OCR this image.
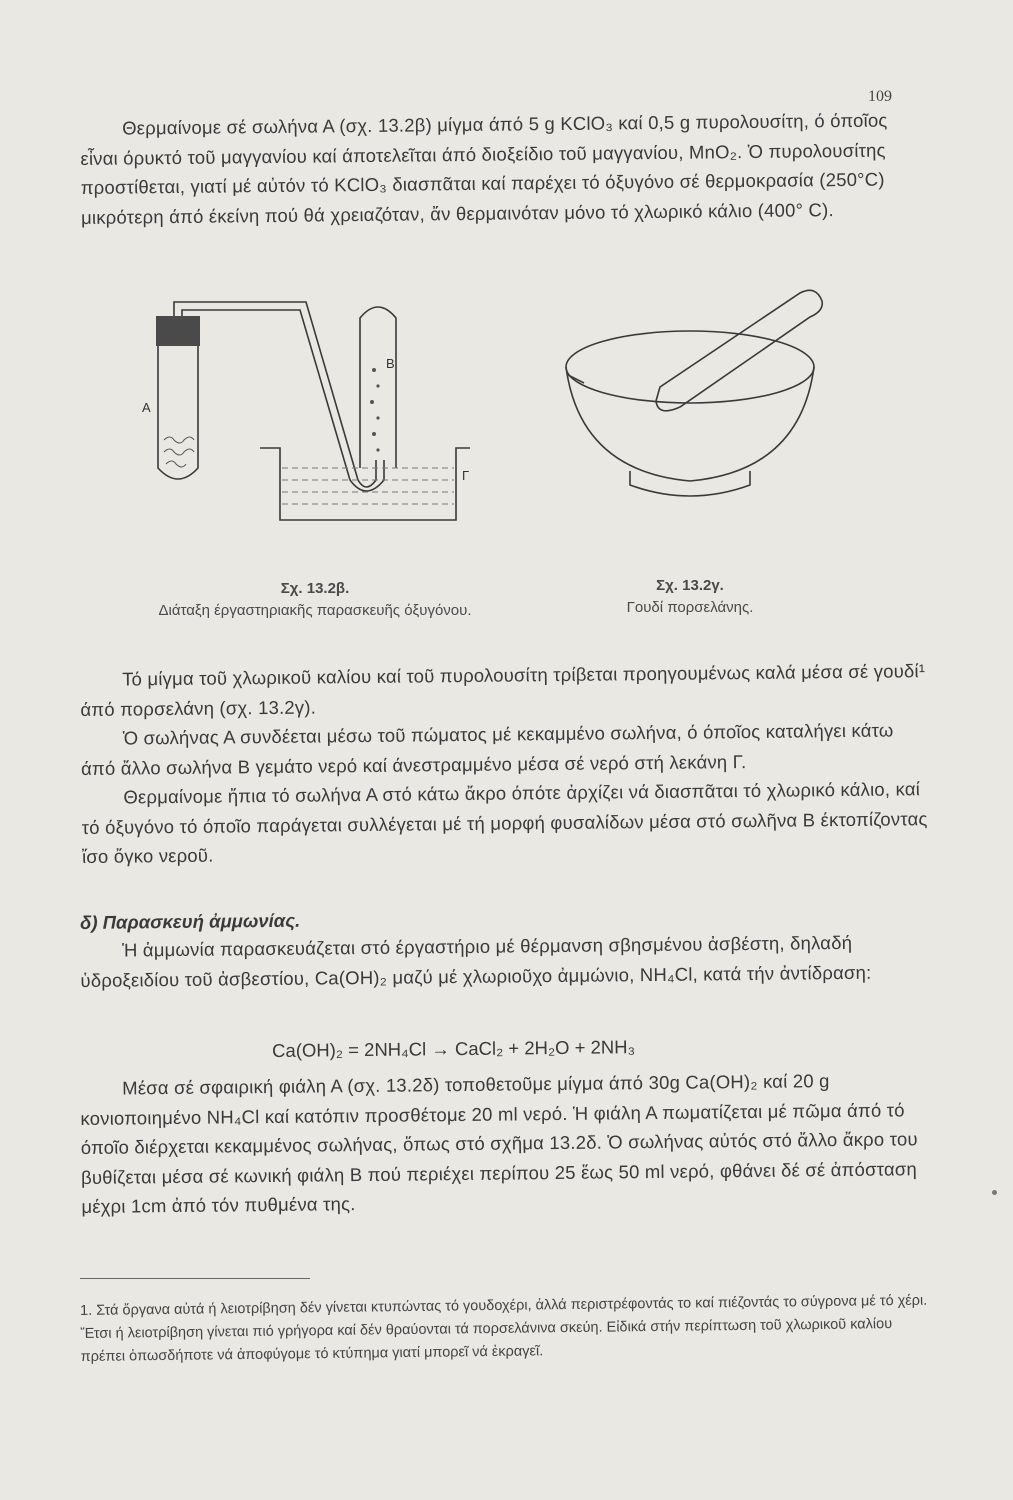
109

Θερμαίνομε σέ σωλήνα Α (σχ. 13.2β) μίγμα άπό 5 g KClO₃ καί 0,5 g πυρολουσίτη, ό όποῖος εἶναι όρυκτό τοῦ μαγγανίου καί άποτελεῖται άπό διοξείδιο τοῦ μαγγανίου, MnO₂. Ὁ πυρολουσίτης προστίθεται, γιατί μέ αὐτόν τό KClO₃ διασπᾶται καί παρέχει τό όξυγόνο σέ θερμοκρασία (250°C) μικρότερη άπό έκείνη πού θά χρειαζόταν, ἄν θερμαινόταν μόνο τό χλωρικό κάλιο (400° C).

A
B
Γ
Σχ. 13.2β.
Διάταξη έργαστηριακῆς παρασκευῆς όξυγόνου.
Σχ. 13.2γ.
Γουδί πορσελάνης.

Τό μίγμα τοῦ χλωρικοῦ καλίου καί τοῦ πυρολουσίτη τρίβεται προηγουμένως καλά μέσα σέ γουδί¹ άπό πορσελάνη (σχ. 13.2γ).

Ὁ σωλήνας Α συνδέεται μέσω τοῦ πώματος μέ κεκαμμένο σωλήνα, ό όποῖος καταλήγει κάτω άπό ἄλλο σωλήνα Β γεμάτο νερό καί άνεστραμμένο μέσα σέ νερό στή λεκάνη Γ.

Θερμαίνομε ἤπια τό σωλήνα Α στό κάτω ἄκρο όπότε ἀρχίζει νά διασπᾶται τό χλωρικό κάλιο, καί τό όξυγόνο τό όποῖο παράγεται συλλέγεται μέ τή μορφή φυσαλίδων μέσα στό σωλῆνα Β έκτοπίζοντας ἴσο ὄγκο νεροῦ.

δ) Παρασκευή ἀμμωνίας.

Ἡ ἀμμωνία παρασκευάζεται στό έργαστήριο μέ θέρμανση σβησμένου ἀσβέστη, δηλαδή ὑδροξειδίου τοῦ ἀσβεστίου, Ca(OH)₂ μαζύ μέ χλωριοῦχο ἀμμώνιο, NH₄Cl, κατά τήν ἀντίδραση:

Ca(OH)₂ = 2NH₄Cl → CaCl₂ + 2H₂O + 2NH₃

Μέσα σέ σφαιρική φιάλη Α (σχ. 13.2δ) τοποθετοῦμε μίγμα άπό 30g Ca(OH)₂ καί 20 g κονιοποιημένο NH₄Cl καί κατόπιν προσθέτομε 20 ml νερό. Ἡ φιάλη Α πωματίζεται μέ πῶμα άπό τό όποῖο διέρχεται κεκαμμένος σωλήνας, ὅπως στό σχῆμα 13.2δ. Ὁ σωλήνας αὐτός στό ἄλλο ἄκρο του βυθίζεται μέσα σέ κωνική φιάλη Β πού περιέχει περίπου 25 ἕως 50 ml νερό, φθάνει δέ σέ ἀπόσταση μέχρι 1cm ἀπό τόν πυθμένα της.

1. Στά ὄργανα αὐτά ή λειοτρίβηση δέν γίνεται κτυπώντας τό γουδοχέρι, ἀλλά περιστρέφοντάς το καί πιέζοντάς το σύγρονα μέ τό χέρι. Ἔτσι ή λειοτρίβηση γίνεται πιό γρήγορα καί δέν θραύονται τά πορσελάνινα σκεύη. Εἰδικά στήν περίπτωση τοῦ χλωρικοῦ καλίου πρέπει ὁπωσδήποτε νά ἀποφύγομε τό κτύπημα γιατί μπορεῖ νά ἐκραγεῖ.
